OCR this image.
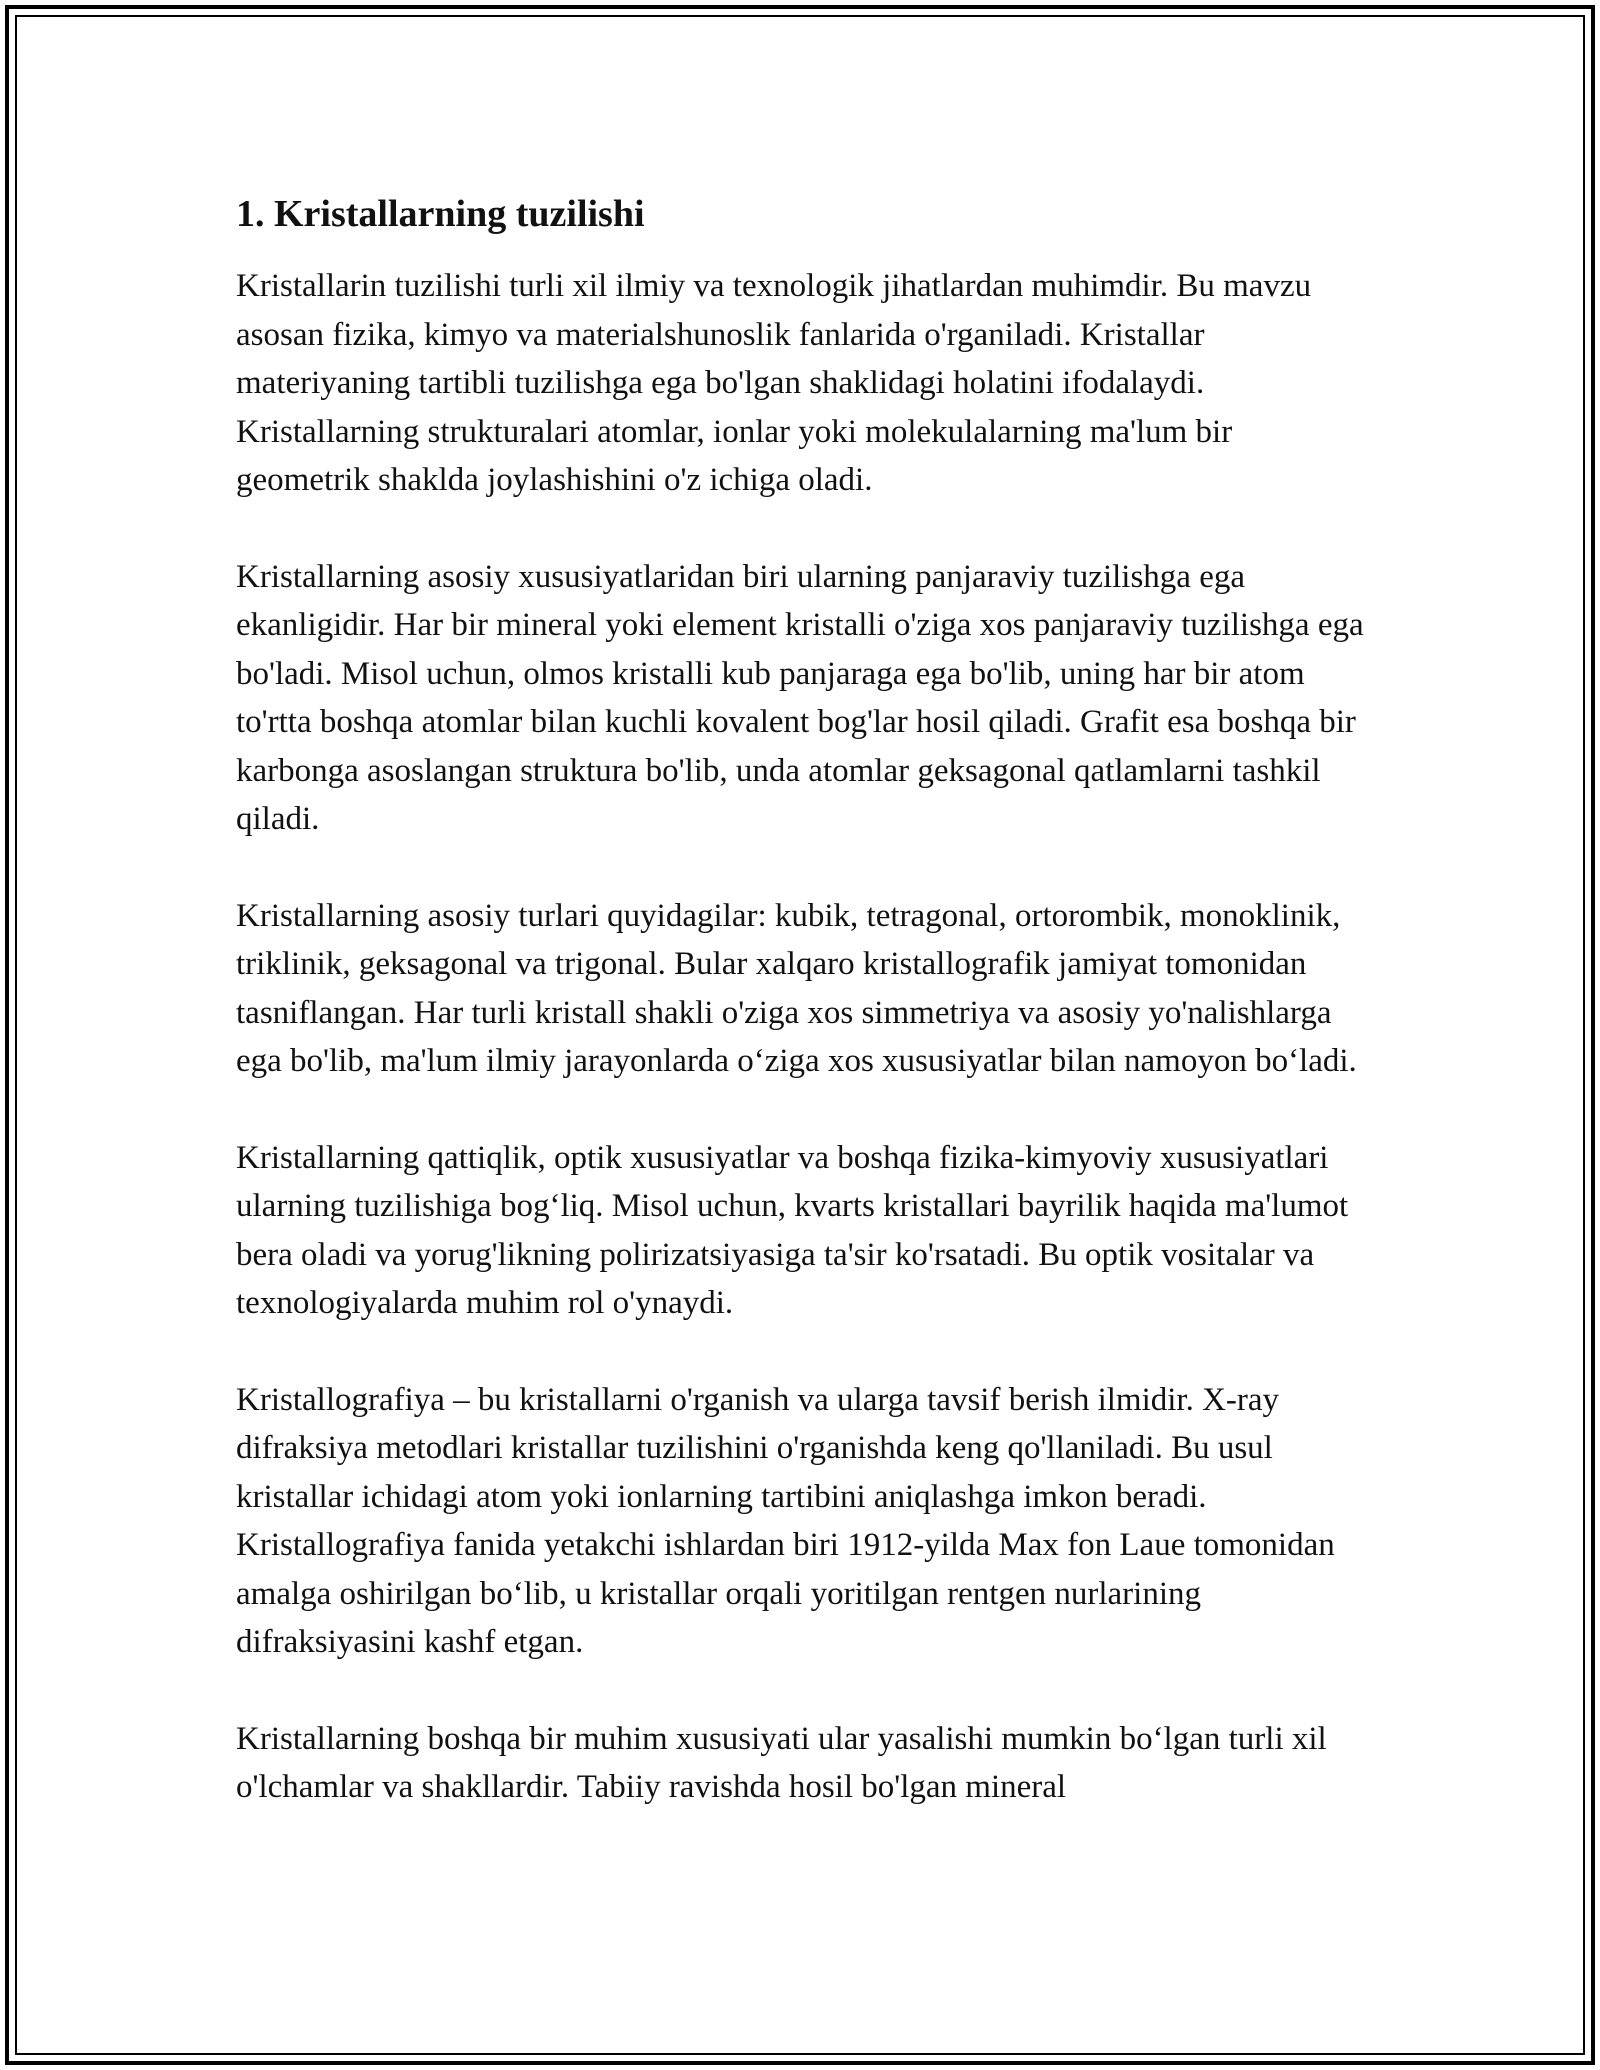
1. Kristallarning tuzilishi

Kristallarin tuzilishi turli xil ilmiy va texnologik jihatlardan muhimdir. Bu mavzu asosan fizika, kimyo va materialshunoslik fanlarida o'rganiladi. Kristallar materiyaning tartibli tuzilishga ega bo'lgan shaklidagi holatini ifodalaydi. Kristallarning strukturalari atomlar, ionlar yoki molekulalarning ma'lum bir geometrik shaklda joylashishini o'z ichiga oladi.

Kristallarning asosiy xususiyatlaridan biri ularning panjaraviy tuzilishga ega ekanligidir. Har bir mineral yoki element kristalli o'ziga xos panjaraviy tuzilishga ega bo'ladi. Misol uchun, olmos kristalli kub panjaraga ega bo'lib, uning har bir atom to'rtta boshqa atomlar bilan kuchli kovalent bog'lar hosil qiladi. Grafit esa boshqa bir karbonga asoslangan struktura bo'lib, unda atomlar geksagonal qatlamlarni tashkil qiladi.

Kristallarning asosiy turlari quyidagilar: kubik, tetragonal, ortorombik, monoklinik, triklinik, geksagonal va trigonal. Bular xalqaro kristallografik jamiyat tomonidan tasniflangan. Har turli kristall shakli o'ziga xos simmetriya va asosiy yo'nalishlarga ega bo'lib, ma'lum ilmiy jarayonlarda o‘ziga xos xususiyatlar bilan namoyon bo‘ladi.

Kristallarning qattiqlik, optik xususiyatlar va boshqa fizika-kimyoviy xususiyatlari ularning tuzilishiga bog‘liq. Misol uchun, kvarts kristallari bayrilik haqida ma'lumot bera oladi va yorug'likning polirizatsiyasiga ta'sir ko'rsatadi. Bu optik vositalar va texnologiyalarda muhim rol o'ynaydi.

Kristallografiya – bu kristallarni o'rganish va ularga tavsif berish ilmidir. X-ray difraksiya metodlari kristallar tuzilishini o'rganishda keng qo'llaniladi. Bu usul kristallar ichidagi atom yoki ionlarning tartibini aniqlashga imkon beradi. Kristallografiya fanida yetakchi ishlardan biri 1912-yilda Max fon Laue tomonidan amalga oshirilgan bo‘lib, u kristallar orqali yoritilgan rentgen nurlarining difraksiyasini kashf etgan.

Kristallarning boshqa bir muhim xususiyati ular yasalishi mumkin bo‘lgan turli xil o'lchamlar va shakllardir. Tabiiy ravishda hosil bo'lgan mineral
